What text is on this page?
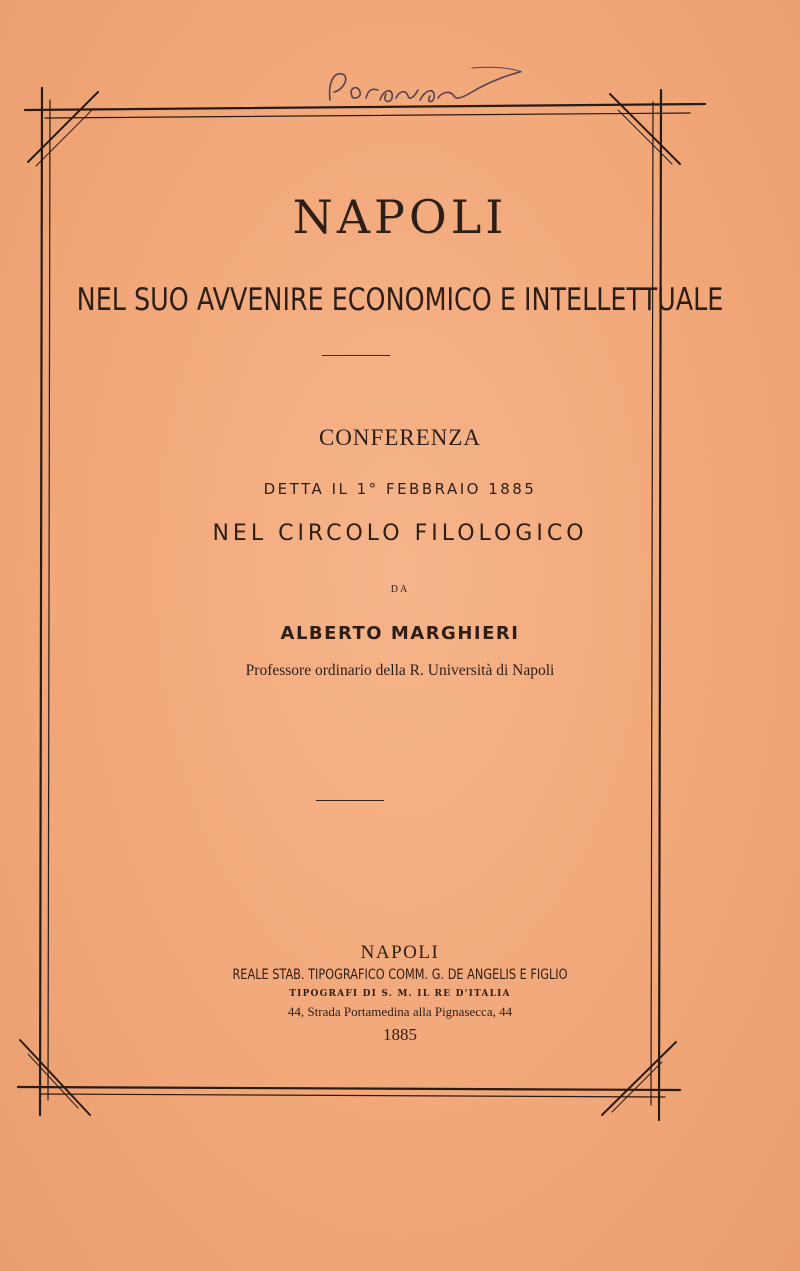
NAPOLI
NEL SUO AVVENIRE ECONOMICO E INTELLETTUALE
CONFERENZA
DETTA IL 1° FEBBRAIO 1885
NEL CIRCOLO FILOLOGICO
DA
ALBERTO MARGHIERI
Professore ordinario della R. Università di Napoli
NAPOLI
REALE STAB. TIPOGRAFICO COMM. G. DE ANGELIS E FIGLIO
TIPOGRAFI DI S. M. IL RE D'ITALIA
44, Strada Portamedina alla Pignasecca, 44
1885
